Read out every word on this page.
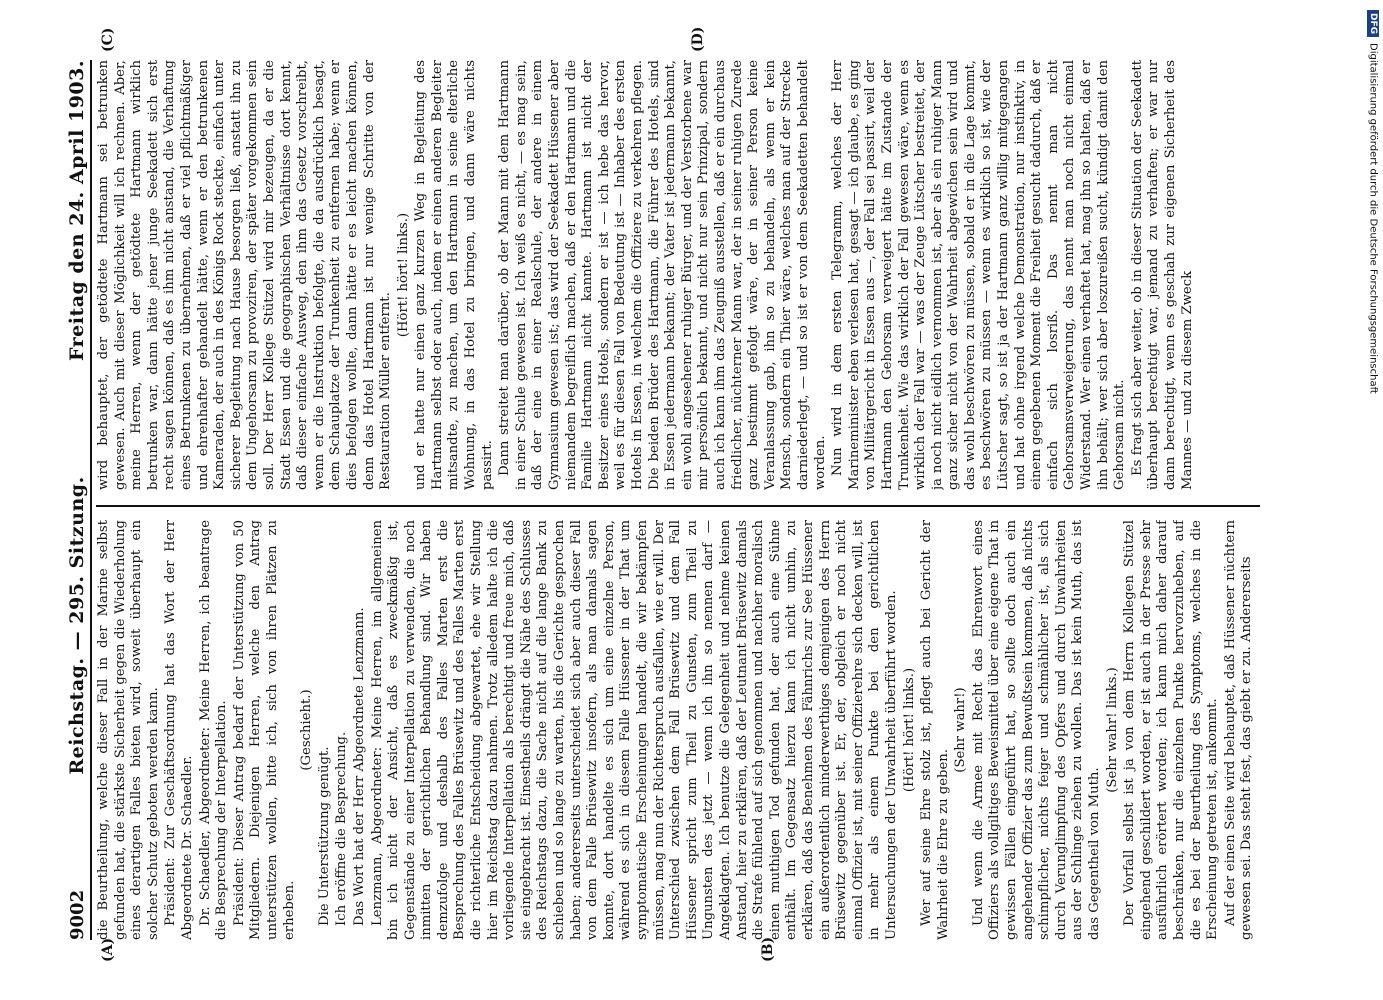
9002
Reichstag. — 295. Sitzung.
Freitag den 24. April 1903.
(A)	(B)
(C)	(D)

die Beurtheilung, welche dieser Fall in der Marine selbst gefunden hat, die stärkste Sicherheit gegen die Wiederholung eines derartigen Falles bieten wird, soweit überhaupt ein solcher Schutz geboten werden kann. Präsident: Zur Geschäftsordnung hat das Wort der Herr Abgeordnete Dr. Schaedler. Dr. Schaedler, Abgeordneter: Meine Herren, ich beantrage die Besprechung der Interpellation. Präsident: Dieser Antrag bedarf der Unterstützung von 50 Mitgliedern. Diejenigen Herren, welche den Antrag unterstützen wollen, bitte ich, sich von ihren Plätzen zu erheben.

(Geschieht.)

Die Unterstützung genügt. Ich eröffne die Besprechung. Das Wort hat der Herr Abgeordnete Lenzmann. Lenzmann, Abgeordneter: Meine Herren, im allgemeinen bin ich nicht der Ansicht, daß es zweckmäßig ist, Gegenstände zu einer Interpellation zu verwenden, die noch inmitten der gerichtlichen Behandlung sind. Wir haben demzufolge und deshalb des Falles Marten erst die Besprechung des Falles Brüsewitz und des Falles Marten erst die richterliche Entscheidung abgewartet, ehe wir Stellung hier im Reichstag dazu nahmen. Trotz alledem halte ich die vorliegende Interpellation als berechtigt und freue mich, daß sie eingebracht ist. Einestheils drängt die Nähe des Schlusses des Reichstags dazu, die Sache nicht auf die lange Bank zu schieben und so lange zu warten, bis die Gerichte gesprochen haben; andererseits unterscheidet sich aber auch dieser Fall von dem Falle Brüsewitz insofern, als man damals sagen konnte, dort handelte es sich um eine einzelne Person, während es sich in diesem Falle Hüssener in der That um symptomatische Erscheinungen handelt, die wir bekämpfen müssen, mag nun der Richterspruch ausfallen, wie er will. Der Unterschied zwischen dem Fall Brüsewitz und dem Fall Hüssener spricht zum Theil zu Gunsten, zum Theil zu Ungunsten des jetzt — wenn ich ihn so nennen darf — Angeklagten. Ich benutze die Gelegenheit und nehme keinen Anstand, hier zu erklären, daß der Leutnant Brüsewitz damals die Strafe fühlend auf sich genommen und nachher moralisch einen muthigen Tod gefunden hat, der auch eine Sühne enthält. Im Gegensatz hierzu kann ich nicht umhin, zu erklären, daß das Benehmen des Fähnrichs zur See Hüssener ein außerordentlich minderwerthiges demjenigen des Herrn Brüsewitz gegenüber ist. Er, der, obgleich er noch nicht einmal Offizier ist, mit seiner Offizierehre sich decken will, ist in mehr als einem Punkte bei den gerichtlichen Untersuchungen der Unwahrheit überführt worden. (Hört! hört! links.) Wer auf seine Ehre stolz ist, pflegt auch bei Gericht der Wahrheit die Ehre zu geben.

(Sehr wahr!) Und wenn die Armee mit Recht das Ehrenwort eines Offiziers als vollgiltiges Beweismittel über eine eigene That in gewissen Fällen eingeführt hat, so sollte doch auch ein angehender Offizier das zum Bewußtsein kommen, daß nichts schimpflicher, nichts feiger und schmählicher ist, als sich durch Verunglimpfung des Opfers und durch Unwahrheiten aus der Schlinge ziehen zu wollen. Das ist kein Muth, das ist das Gegentheil von Muth.

(Sehr wahr! links.) Der Vorfall selbst ist ja von dem Herrn Kollegen Stützel eingehend geschildert worden, er ist auch in der Presse sehr ausführlich erörtert worden; ich kann mich daher darauf beschränken, nur die einzelnen Punkte hervorzuheben, auf die es bei der Beurtheilung des Symptoms, welches in die Erscheinung getreten ist, ankommt. Auf der einen Seite wird behauptet, daß Hüssener nüchtern gewesen sei. Das steht fest, das giebt er zu. Andererseits

wird behauptet, der getödtete Hartmann sei betrunken gewesen. Auch mit dieser Möglichkeit will ich rechnen. Aber, meine Herren, wenn der getödtete Hartmann wirklich betrunken war, dann hätte jener junge Seekadett sich erst recht sagen können, daß es ihm nicht anstand, die Verhaftung eines Betrunkenen zu übernehmen, daß er viel pflichtmäßiger und ehrenhafter gehandelt hätte, wenn er den betrunkenen Kameraden, der auch in des Königs Rock steckte, einfach unter sicherer Begleitung nach Hause besorgen ließ, anstatt ihn zu dem Ungehorsam zu provoziren, der später vorgekommen sein soll. Der Herr Kollege Stützel wird mir bezeugen, da er die Stadt Essen und die geographischen Verhältnisse dort kennt, daß dieser einfache Ausweg, den ihm das Gesetz vorschreibt, wenn er die Instruktion befolgte, die da ausdrücklich besagt, dem Schauplatze der Trunkenheit zu entfernen habe; wenn er dies befolgen wollte, dann hätte er es leicht machen können, denn das Hotel Hartmann ist nur wenige Schritte von der Restauration Müller entfernt.

(Hört! hört! links.) und er hatte nur einen ganz kurzen Weg in Begleitung des Hartmann selbst oder auch, indem er einen anderen Begleiter mitsandte, zu machen, um den Hartmann in seine elterliche Wohnung, in das Hotel zu bringen, und dann wäre nichts passirt. Dann streitet man darüber, ob der Mann mit dem Hartmann in einer Schule gewesen ist. Ich weiß es nicht, — es mag sein, daß der eine in einer Realschule, der andere in einem Gymnasium gewesen ist; das wird der Seekadett Hüssener aber niemandem begreiflich machen, daß er den Hartmann und die Familie Hartmann nicht kannte. Hartmann ist nicht der Besitzer eines Hotels, sondern er ist — ich hebe das hervor, weil es für diesen Fall von Bedeutung ist — Inhaber des ersten Hotels in Essen, in welchem die Offiziere zu verkehren pflegen. Die beiden Brüder des Hartmann, die Führer des Hotels, sind in Essen jedermann bekannt; der Vater ist jedermann bekannt, ein wohl angesehener ruhiger Bürger, und der Verstorbene war mir persönlich bekannt, und nicht nur sein Prinzipal, sondern auch ich kann ihm das Zeugniß ausstellen, daß er ein durchaus friedlicher, nüchterner Mann war, der in seiner ruhigen Zurede ganz bestimmt gefolgt wäre, der in seiner Person keine Veranlassung gab, ihn so zu behandeln, als wenn er kein Mensch, sondern ein Thier wäre, welches man auf der Strecke darniederlegt, — und so ist er von dem Seekadetten behandelt worden. Nun wird in dem ersten Telegramm, welches der Herr Marineminister eben verlesen hat, gesagt — ich glaube, es ging von Militärgericht in Essen aus —, der Fall sei passirt, weil der Hartmann den Gehorsam verweigert hätte im Zustande der Trunkenheit. Wie das wirklich der Fall gewesen wäre, wenn es wirklich der Fall war — was der Zeuge Lütscher bestreitet, der ja noch nicht eidlich vernommen ist, aber als ein ruhiger Mann ganz sicher nicht von der Wahrheit abgewichen sein wird und das wohl beschwören zu müssen, sobald er in die Lage kommt, es beschwören zu müssen — wenn es wirklich so ist, wie der Lütscher sagt, so ist ja der Hartmann ganz willig mitgegangen und hat ohne irgend welche Demonstration, nur instinktiv, in einem gegebenen Moment die Freiheit gesucht dadurch, daß er einfach sich losriß. Das nennt man nicht Gehorsamsverweigerung, das nennt man noch nicht einmal Widerstand. Wer einen verhaftet hat, mag ihn so halten, daß er ihn behält; wer sich aber loszureißen sucht, kündigt damit den Gehorsam nicht. Es fragt sich aber weiter, ob in dieser Situation der Seekadett überhaupt berechtigt war, jemand zu verhaften; er war nur dann berechtigt, wenn es geschah zur eigenen Sicherheit des Mannes — und zu diesem Zweck

DFG
Digitalisierung gefördert durch die Deutsche Forschungsgemeinschaft
